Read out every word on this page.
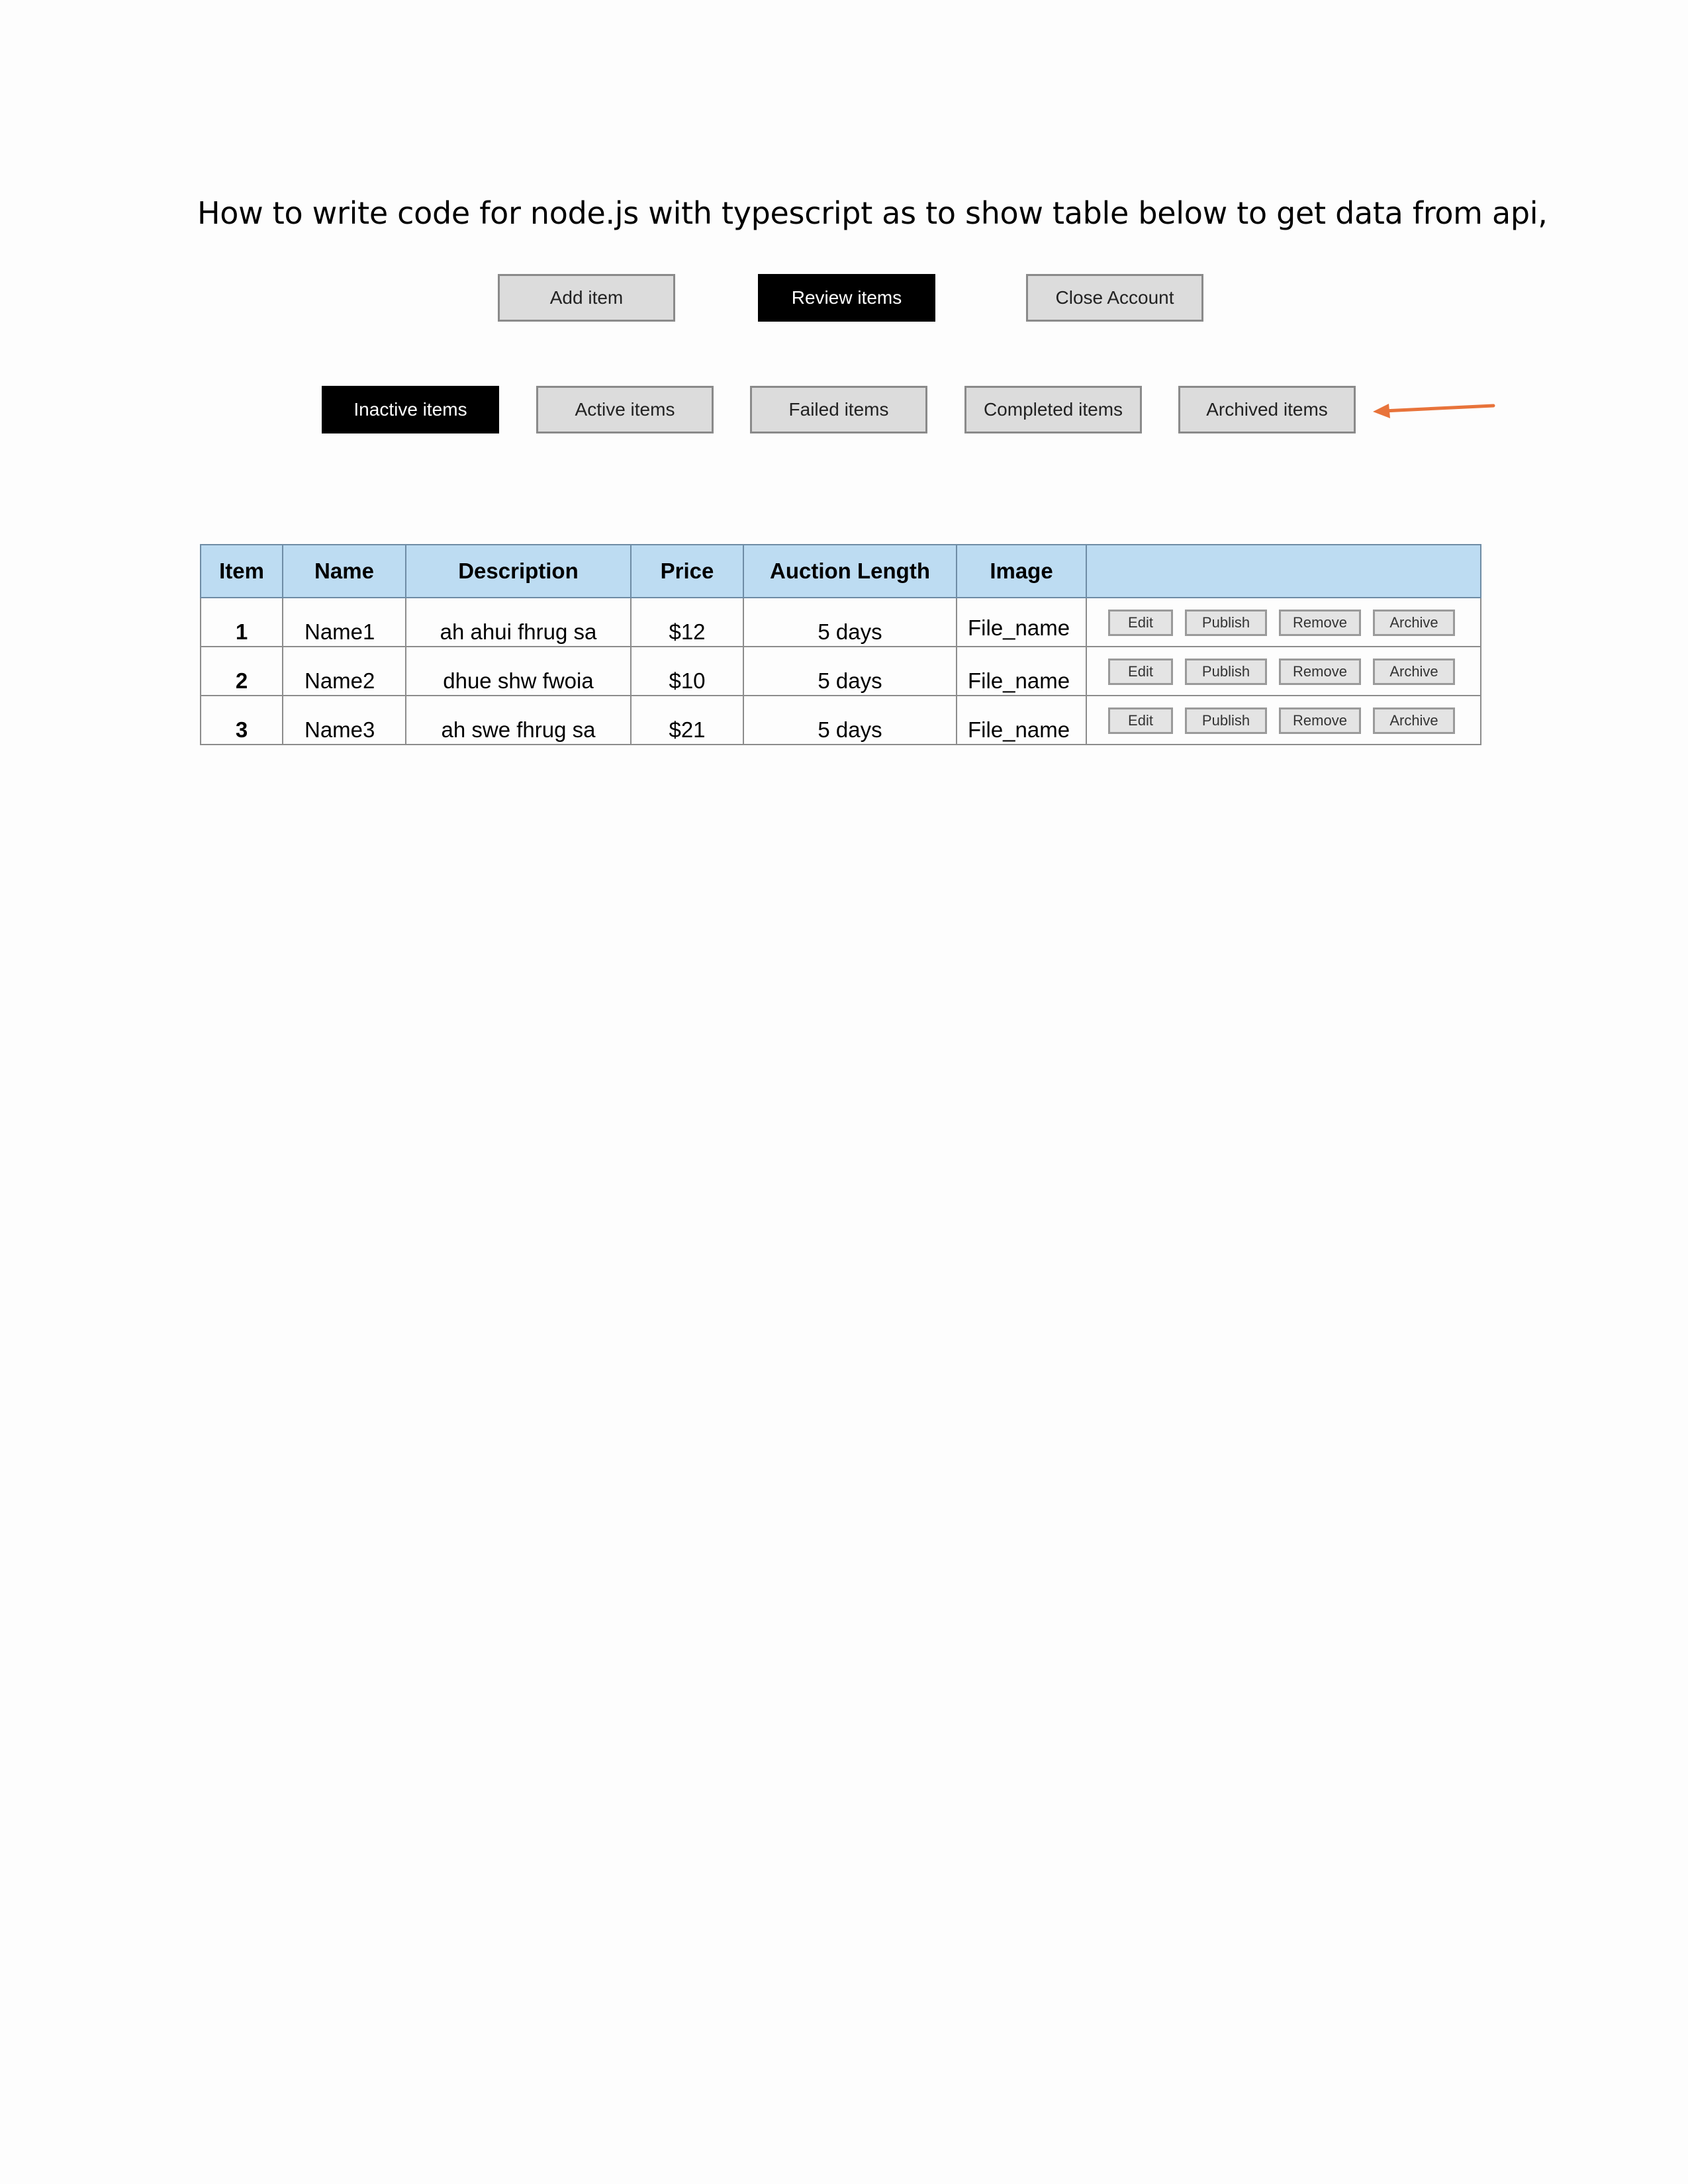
How to write code for node.js with typescript as to show table below to get data from api,
Add item	Review items	Close Account
Inactive items	Active items	Failed items	Completed items	Archived items
Item	Name	Description	Price	Auction Length	Image	

1	Name1	ah ahui fhrug sa	$12	5 days	File_name	Edit Publish Remove Archive

2	Name2	dhue shw fwoia	$10	5 days	File_name	Edit Publish Remove Archive

3	Name3	ah swe fhrug sa	$21	5 days	File_name	Edit Publish Remove Archive
